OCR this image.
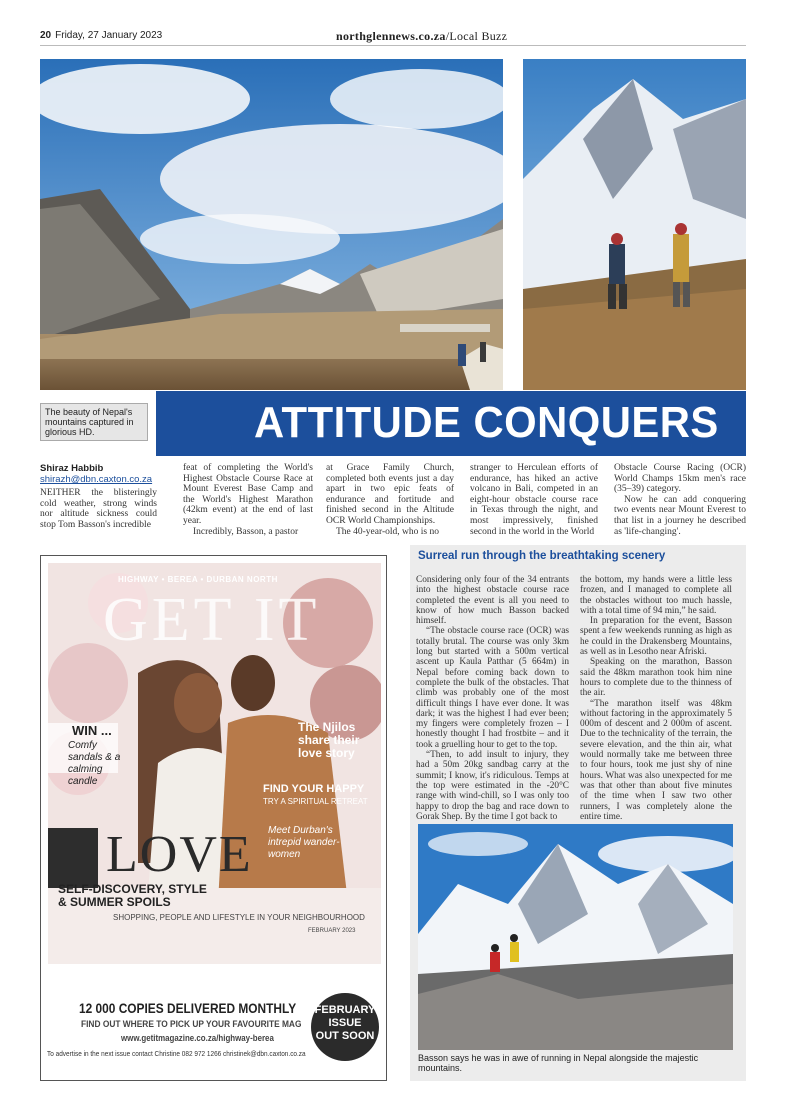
20 Friday, 27 January 2023	northglennews.co.za/Local Buzz
The beauty of Nepal's mountains captured in glorious HD.	ATTITUDE CONQUERS
Shiraz Habbib
shirazh@dbn.caxton.co.za

NEITHER the blisteringly cold weather, strong winds nor altitude sickness could stop Tom Basson's incredible

feat of completing the World's Highest Obstacle Course Race at Mount Everest Base Camp and the World's Highest Marathon (42km event) at the end of last year.

Incredibly, Basson, a pastor

at Grace Family Church, completed both events just a day apart in two epic feats of endurance and fortitude and finished second in the Altitude OCR World Championships.

The 40-year-old, who is no

stranger to Herculean efforts of endurance, has hiked an active volcano in Bali, competed in an eight-hour obstacle course race in Texas through the night, and most impressively, finished second in the world in the World

Obstacle Course Racing (OCR) World Champs 15km men's race (35–39) category.

Now he can add conquering two events near Mount Everest to that list in a journey he described as 'life-changing'.

HIGHWAY • BEREA • DURBAN NORTH
GET IT
WIN ...
Comfy sandals & a calming candle
The Njilos share their love story
FIND YOUR HAPPY
TRY A SPIRITUAL RETREAT
Meet Durban's intrepid wander-women
LOVE
SELF-DISCOVERY, STYLE & SUMMER SPOILS
SHOPPING, PEOPLE AND LIFESTYLE IN YOUR NEIGHBOURHOOD
FEBRUARY 2023
12 000 COPIES DELIVERED MONTHLY
FIND OUT WHERE TO PICK UP YOUR FAVOURITE MAG
www.getitmagazine.co.za/highway-berea
To advertise in the next issue contact Christine 082 972 1266 christinek@dbn.caxton.co.za
FEBRUARY
ISSUE
OUT SOON
Surreal run through the breathtaking scenery

Considering only four of the 34 entrants into the highest obstacle course race completed the event is all you need to know of how much Basson backed himself.

“The obstacle course race (OCR) was totally brutal. The course was only 3km long but started with a 500m vertical ascent up Kaula Patthar (5 664m) in Nepal before coming back down to complete the bulk of the obstacles. That climb was probably one of the most difficult things I have ever done. It was dark; it was the highest I had ever been; my fingers were completely frozen – I honestly thought I had frostbite – and it took a gruelling hour to get to the top.

“Then, to add insult to injury, they had a 50m 20kg sandbag carry at the summit; I know, it's ridiculous. Temps at the top were estimated in the -20°C range with wind-chill, so I was only too happy to drop the bag and race down to Gorak Shep. By the time I got back to

the bottom, my hands were a little less frozen, and I managed to complete all the obstacles without too much hassle, with a total time of 94 min,” he said.

In preparation for the event, Basson spent a few weekends running as high as he could in the Drakensberg Mountains, as well as in Lesotho near Afriski.

Speaking on the marathon, Basson said the 48km marathon took him nine hours to complete due to the thinness of the air.

“The marathon itself was 48km without factoring in the approximately 5 000m of descent and 2 000m of ascent. Due to the technicality of the terrain, the severe elevation, and the thin air, what would normally take me between three to four hours, took me just shy of nine hours. What was also unexpected for me was that other than about five minutes of the time when I saw two other runners, I was completely alone the entire time.

Basson says he was in awe of running in Nepal alongside the majestic mountains.
